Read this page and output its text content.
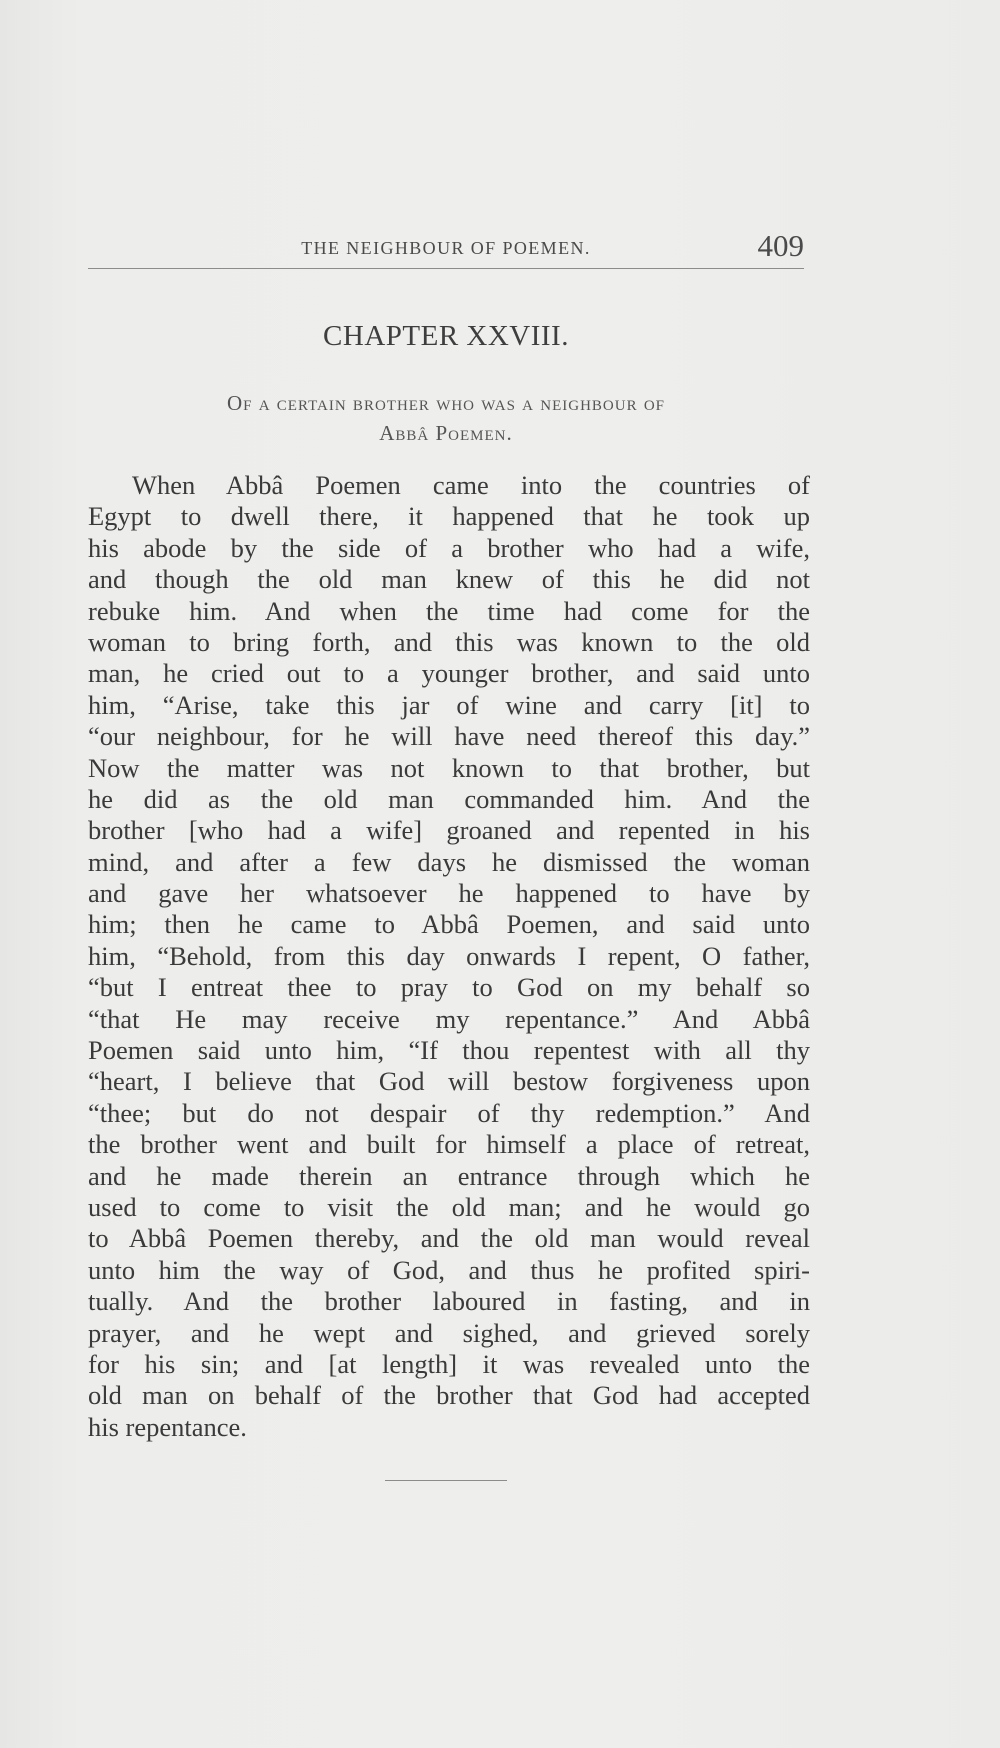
THE NEIGHBOUR OF POEMEN.	409
CHAPTER XXVIII.
Of a certain brother who was a neighbour of
Abbâ Poemen.
When Abbâ Poemen came into the countries of
Egypt to dwell there, it happened that he took up
his abode by the side of a brother who had a wife,
and though the old man knew of this he did not
rebuke him. And when the time had come for the
woman to bring forth, and this was known to the old
man, he cried out to a younger brother, and said unto
him, “Arise, take this jar of wine and carry [it] to
“our neighbour, for he will have need thereof this day.”
Now the matter was not known to that brother, but
he did as the old man commanded him. And the
brother [who had a wife] groaned and repented in his
mind, and after a few days he dismissed the woman
and gave her whatsoever he happened to have by
him; then he came to Abbâ Poemen, and said unto
him, “Behold, from this day onwards I repent, O father,
“but I entreat thee to pray to God on my behalf so
“that He may receive my repentance.” And Abbâ
Poemen said unto him, “If thou repentest with all thy
“heart, I believe that God will bestow forgiveness upon
“thee; but do not despair of thy redemption.” And
the brother went and built for himself a place of retreat,
and he made therein an entrance through which he
used to come to visit the old man; and he would go
to Abbâ Poemen thereby, and the old man would reveal
unto him the way of God, and thus he profited spiri-
tually. And the brother laboured in fasting, and in
prayer, and he wept and sighed, and grieved sorely
for his sin; and [at length] it was revealed unto the
old man on behalf of the brother that God had accepted
his repentance.
